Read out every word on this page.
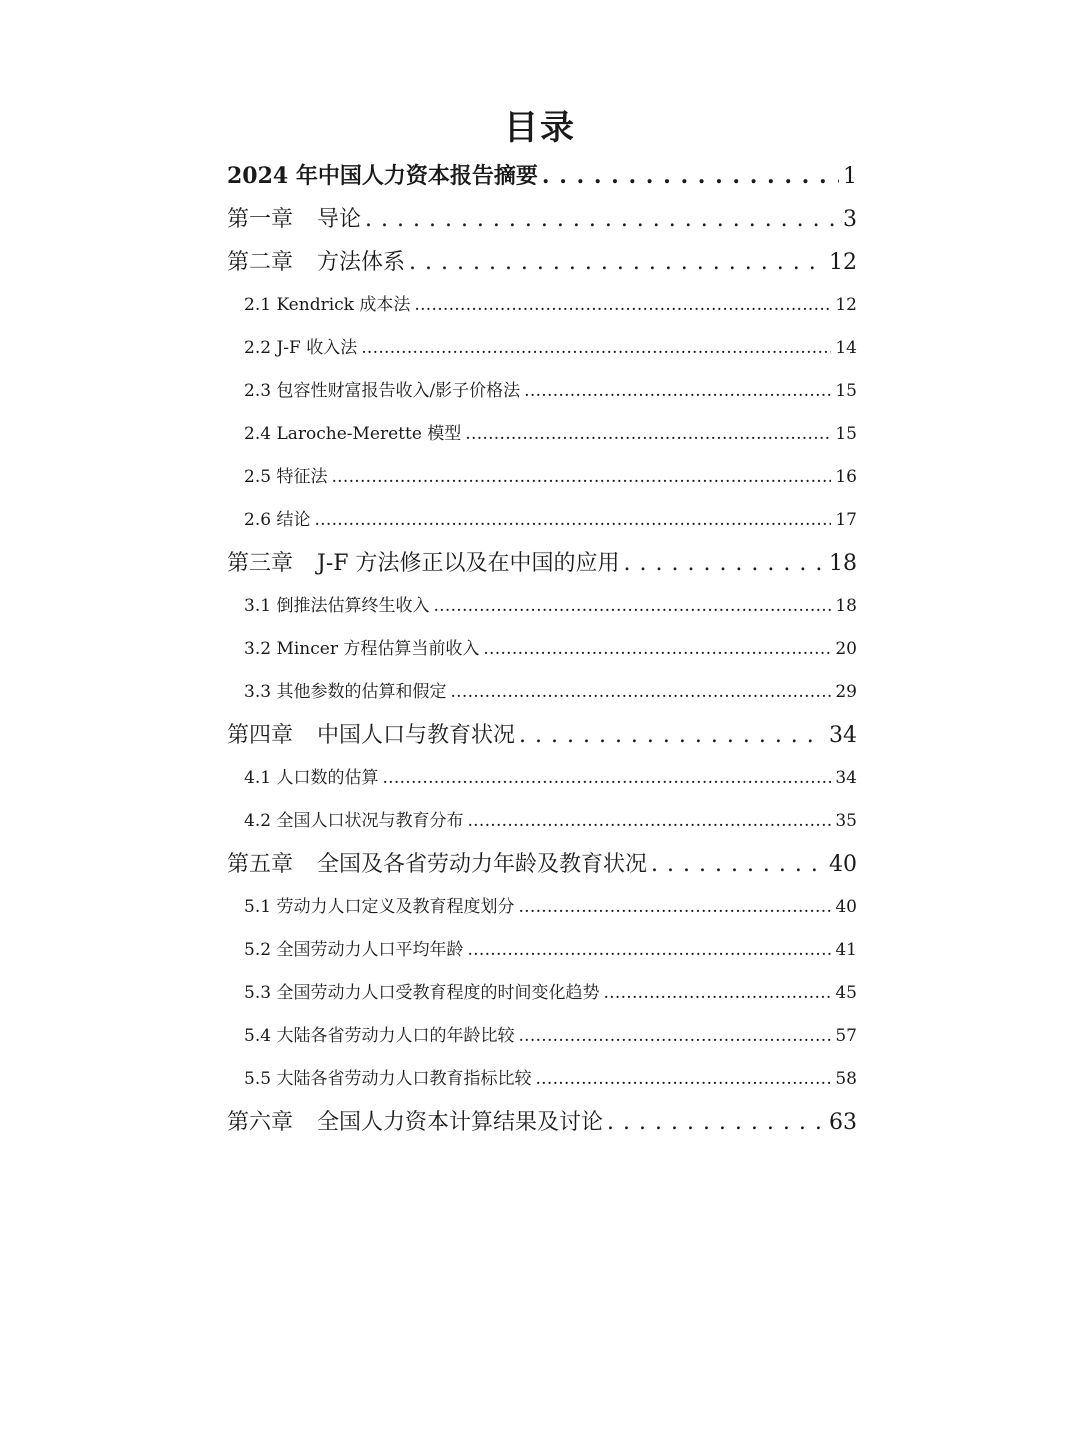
目录
2024 年中国人力资本报告摘要 . . .	1
第一章 导论 . . .	3
第二章 方法体系 . . .	12
2.1 Kendrick 成本法 .....	12
2.2 J-F 收入法 .....	14
2.3 包容性财富报告收入/影子价格法 .....	15
2.4 Laroche-Merette 模型 .....	15
2.5 特征法 .....	16
2.6 结论 .....	17
第三章 J-F 方法修正以及在中国的应用 . . .	18
3.1 倒推法估算终生收入 .....	18
3.2 Mincer 方程估算当前收入 .....	20
3.3 其他参数的估算和假定 .....	29
第四章 中国人口与教育状况 . . .	34
4.1 人口数的估算 .....	34
4.2 全国人口状况与教育分布 .....	35
第五章 全国及各省劳动力年龄及教育状况 . . .	40
5.1 劳动力人口定义及教育程度划分 .....	40
5.2 全国劳动力人口平均年龄 .....	41
5.3 全国劳动力人口受教育程度的时间变化趋势 .....	45
5.4 大陆各省劳动力人口的年龄比较 .....	57
5.5 大陆各省劳动力人口教育指标比较 .....	58
第六章 全国人力资本计算结果及讨论 . . .	63
